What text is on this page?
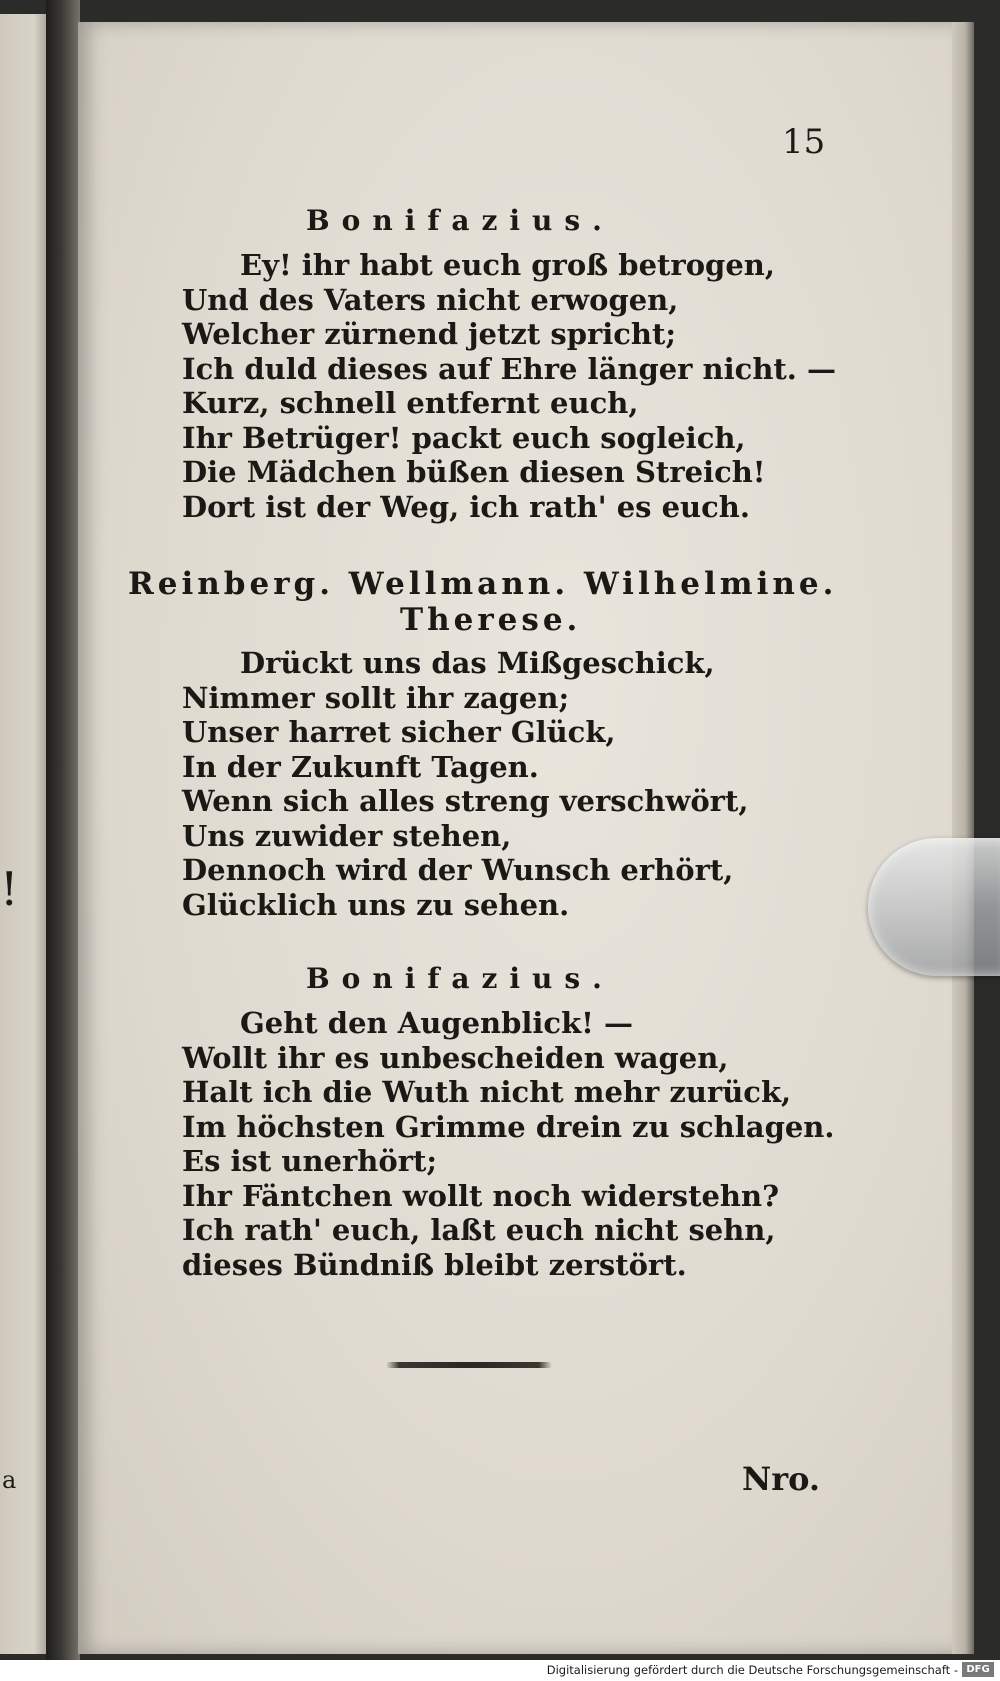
!
a
15
Bonifazius.
Ey! ihr habt euch groß betrogen,
Und des Vaters nicht erwogen,
Welcher zürnend jetzt spricht;
Ich duld dieses auf Ehre länger nicht. —
Kurz, schnell entfernt euch,
Ihr Betrüger! packt euch sogleich,
Die Mädchen büßen diesen Streich!
Dort ist der Weg, ich rath' es euch.
Reinberg. Wellmann. Wilhelmine.
Therese.
Drückt uns das Mißgeschick,
Nimmer sollt ihr zagen;
Unser harret sicher Glück,
In der Zukunft Tagen.
Wenn sich alles streng verschwört,
Uns zuwider stehen,
Dennoch wird der Wunsch erhört,
Glücklich uns zu sehen.
Bonifazius.
Geht den Augenblick! —
Wollt ihr es unbescheiden wagen,
Halt ich die Wuth nicht mehr zurück,
Im höchsten Grimme drein zu schlagen.
Es ist unerhört;
Ihr Fäntchen wollt noch widerstehn?
Ich rath' euch, laßt euch nicht sehn,
dieses Bündniß bleibt zerstört.
Nro.
Digitalisierung gefördert durch die Deutsche Forschungsgemeinschaft - DFG
